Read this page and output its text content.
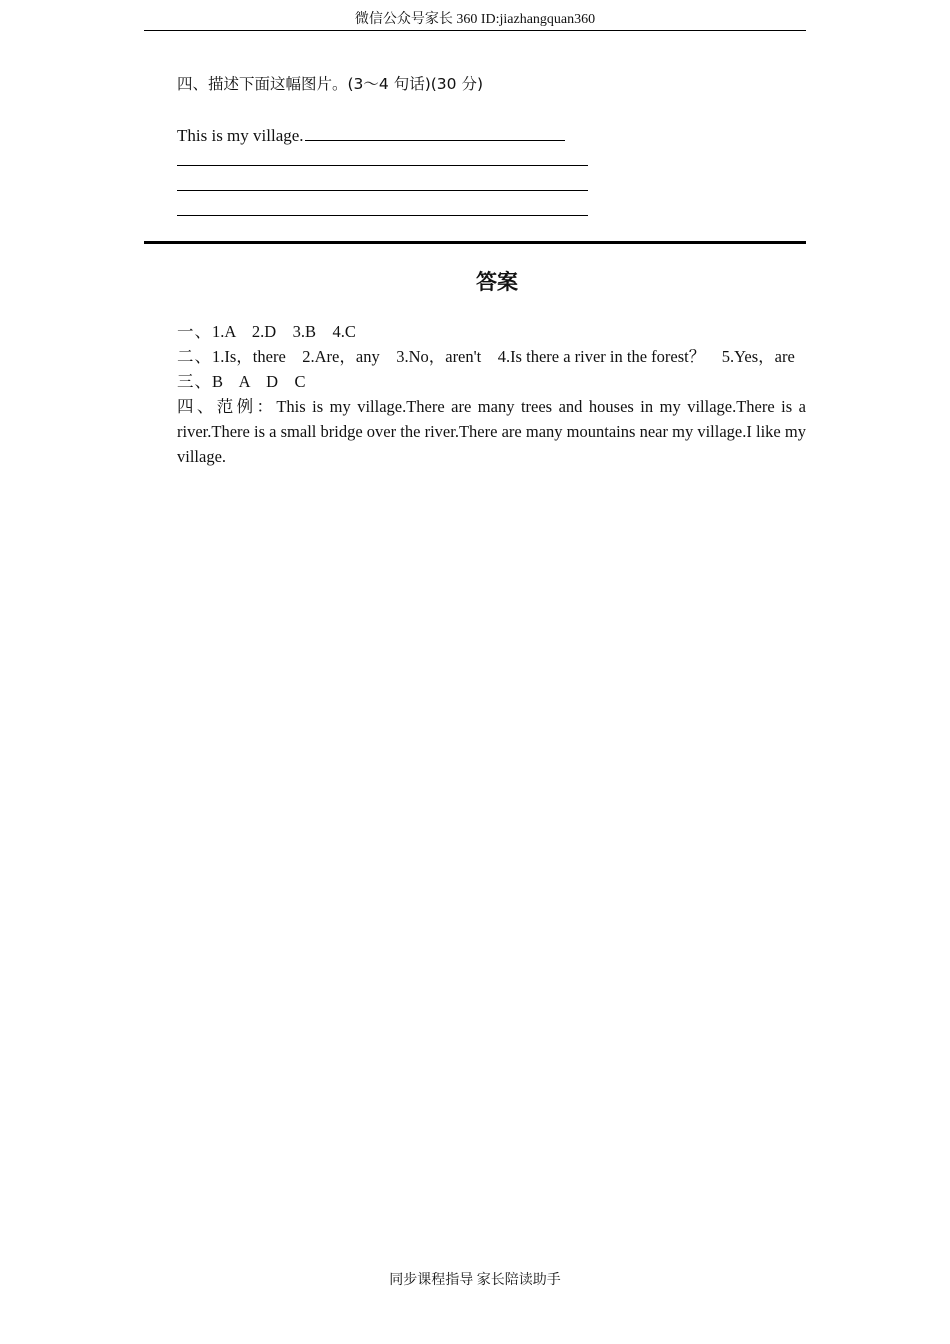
微信公众号家长 360 ID:jiazhangquan360
四、描述下面这幅图片。(3～4 句话)(30 分)
This is my village.
答案

一、1.A    2.D    3.B    4.C

二、1.Is，there    2.Are，any    3.No，aren't    4.Is there a river in the forest？    5.Yes，are

三、B    A    D    C

四、范例：This is my village.There are many trees and houses in my village.There is a river.There is a small bridge over the river.There are many mountains near my village.I like my village.

同步课程指导 家长陪读助手
